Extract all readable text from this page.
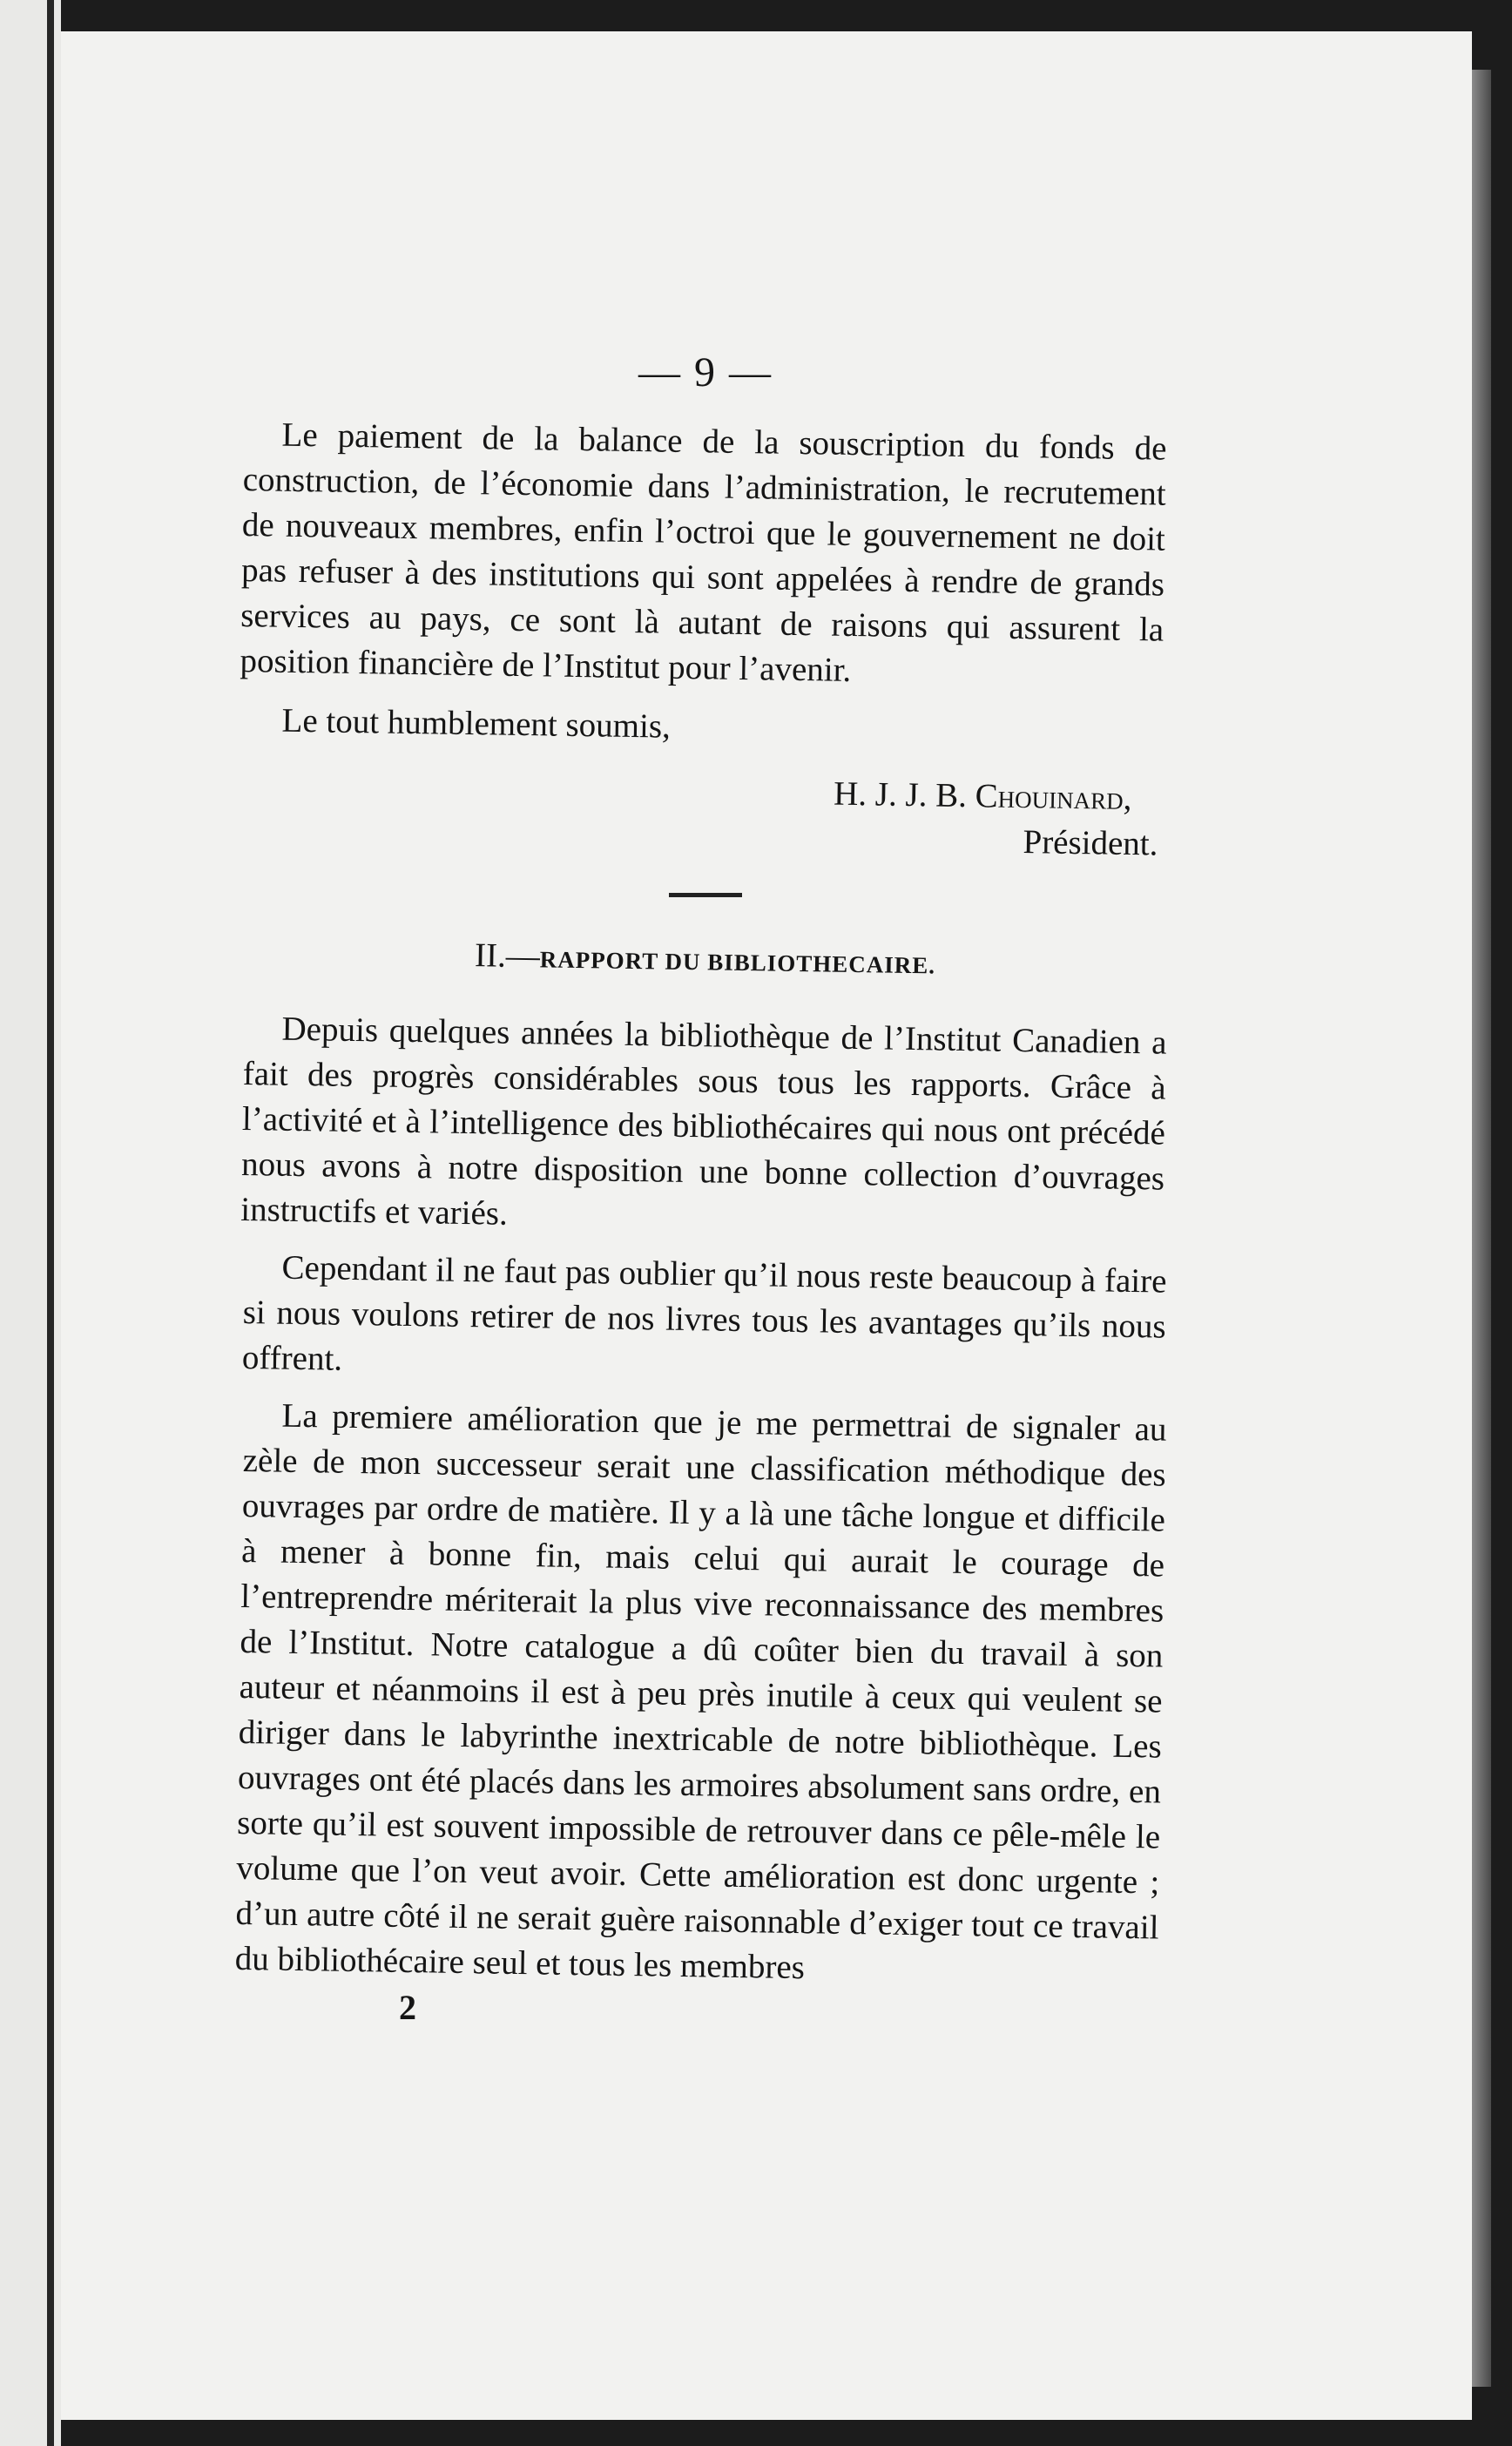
— 9 —

Le paiement de la balance de la souscription du fonds de construction, de l’économie dans l’administration, le recrutement de nouveaux membres, enfin l’octroi que le gouvernement ne doit pas refuser à des institutions qui sont appelées à rendre de grands services au pays, ce sont là autant de raisons qui assurent la position financière de l’Institut pour l’avenir.

Le tout humblement soumis,

H. J. J. B. Chouinard,
Président.
II.—RAPPORT DU BIBLIOTHECAIRE.

Depuis quelques années la bibliothèque de l’Institut Canadien a fait des progrès considérables sous tous les rapports. Grâce à l’activité et à l’intelligence des bibliothécaires qui nous ont précédé nous avons à notre disposition une bonne collection d’ouvrages instructifs et variés.

Cependant il ne faut pas oublier qu’il nous reste beaucoup à faire si nous voulons retirer de nos livres tous les avantages qu’ils nous offrent.

La premiere amélioration que je me permettrai de signaler au zèle de mon successeur serait une classification méthodique des ouvrages par ordre de matière. Il y a là une tâche longue et difficile à mener à bonne fin, mais celui qui aurait le courage de l’entreprendre mériterait la plus vive reconnaissance des membres de l’Institut. Notre catalogue a dû coûter bien du travail à son auteur et néanmoins il est à peu près inutile à ceux qui veulent se diriger dans le labyrinthe inextricable de notre bibliothèque. Les ouvrages ont été placés dans les armoires absolument sans ordre, en sorte qu’il est souvent impossible de retrouver dans ce pêle-mêle le volume que l’on veut avoir. Cette amélioration est donc urgente ; d’un autre côté il ne serait guère raisonnable d’exiger tout ce travail du bibliothécaire seul et tous les membres

2
